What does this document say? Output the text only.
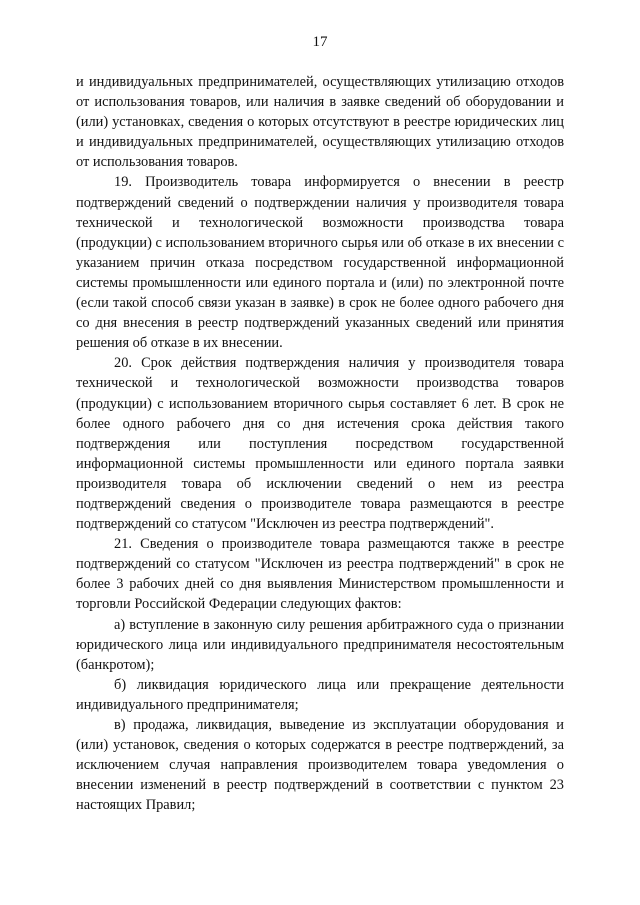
17

и индивидуальных предпринимателей, осуществляющих утилизацию отходов от использования товаров, или наличия в заявке сведений об оборудовании и (или) установках, сведения о которых отсутствуют в реестре юридических лиц и индивидуальных предпринимателей, осуществляющих утилизацию отходов от использования товаров.

19. Производитель товара информируется о внесении в реестр подтверждений сведений о подтверждении наличия у производителя товара технической и технологической возможности производства товара (продукции) с использованием вторичного сырья или об отказе в их внесении с указанием причин отказа посредством государственной информационной системы промышленности или единого портала и (или) по электронной почте (если такой способ связи указан в заявке) в срок не более одного рабочего дня со дня внесения в реестр подтверждений указанных сведений или принятия решения об отказе в их внесении.

20. Срок действия подтверждения наличия у производителя товара технической и технологической возможности производства товаров (продукции) с использованием вторичного сырья составляет 6 лет. В срок не более одного рабочего дня со дня истечения срока действия такого подтверждения или поступления посредством государственной информационной системы промышленности или единого портала заявки производителя товара об исключении сведений о нем из реестра подтверждений сведения о производителе товара размещаются в реестре подтверждений со статусом "Исключен из реестра подтверждений".

21. Сведения о производителе товара размещаются также в реестре подтверждений со статусом "Исключен из реестра подтверждений" в срок не более 3 рабочих дней со дня выявления Министерством промышленности и торговли Российской Федерации следующих фактов:

а) вступление в законную силу решения арбитражного суда о признании юридического лица или индивидуального предпринимателя несостоятельным (банкротом);

б) ликвидация юридического лица или прекращение деятельности индивидуального предпринимателя;

в) продажа, ликвидация, выведение из эксплуатации оборудования и (или) установок, сведения о которых содержатся в реестре подтверждений, за исключением случая направления производителем товара уведомления о внесении изменений в реестр подтверждений в соответствии с пунктом 23 настоящих Правил;
